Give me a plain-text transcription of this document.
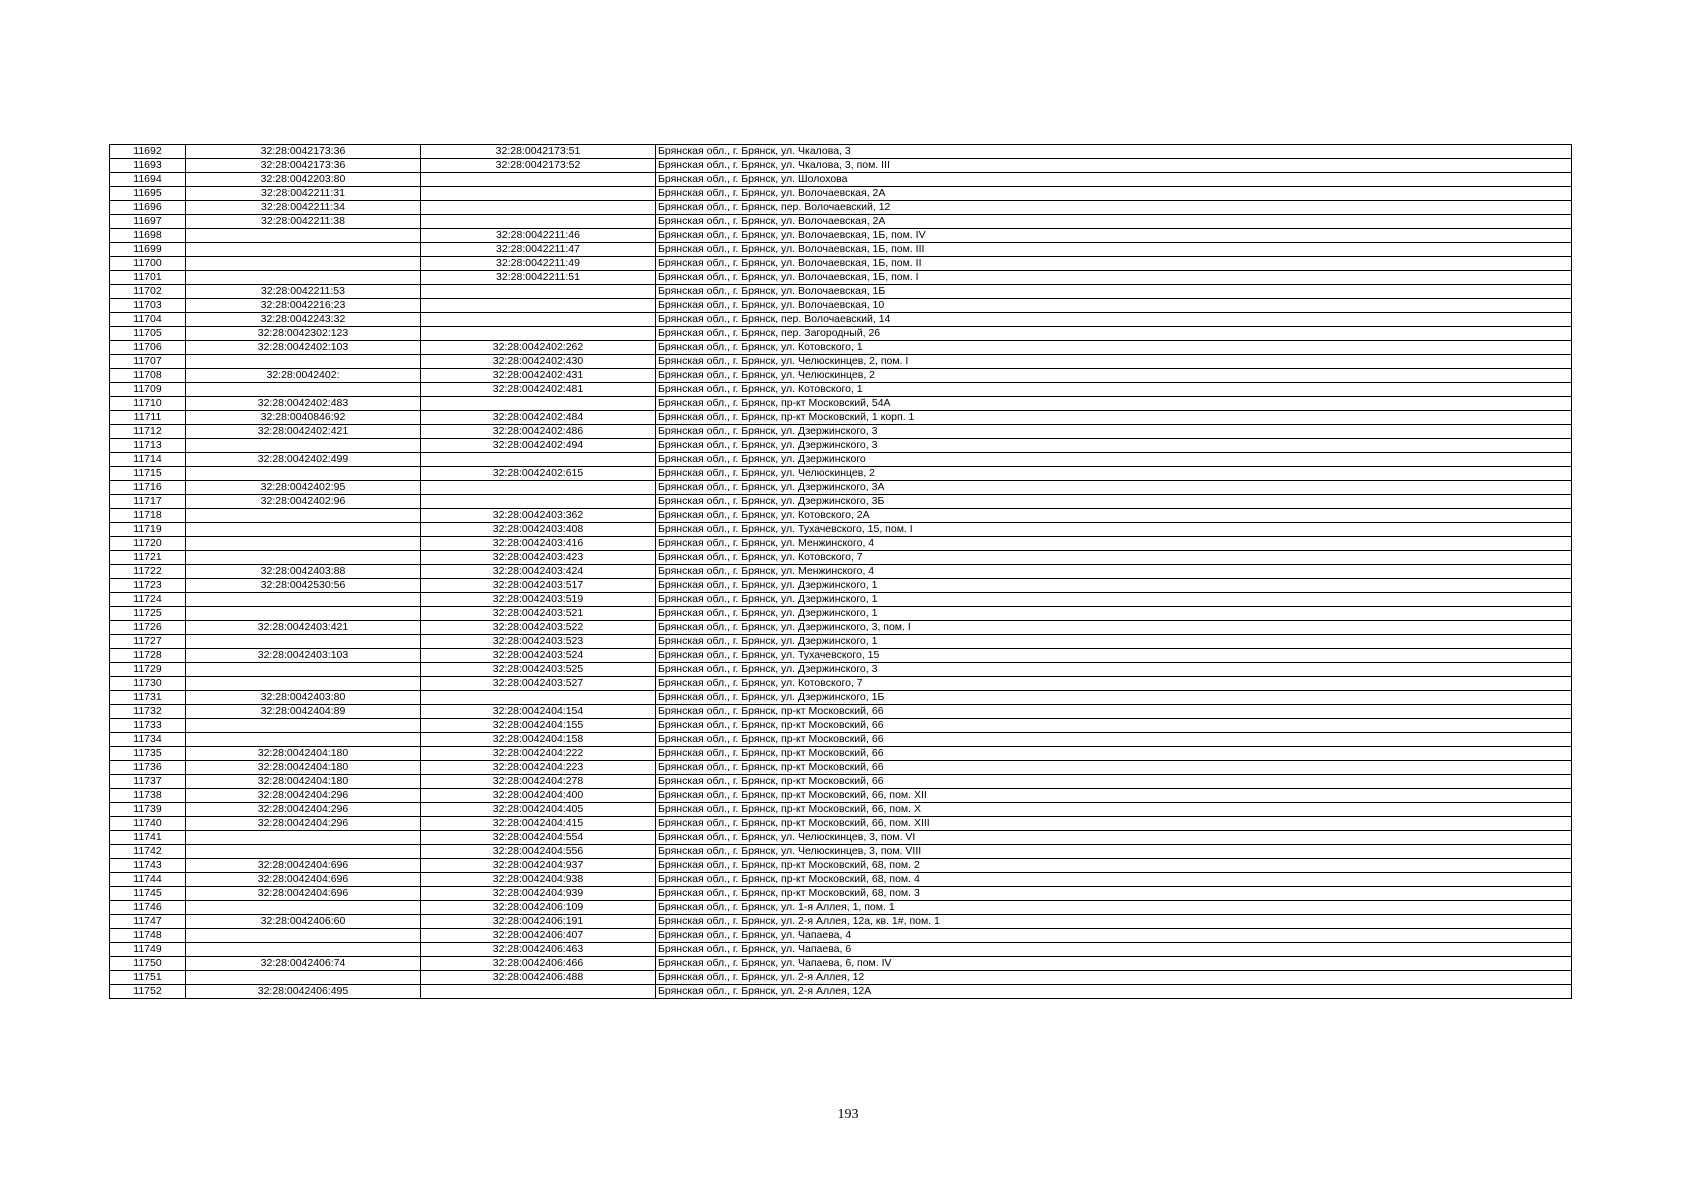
11692	32:28:0042173:36	32:28:0042173:51	Брянская обл., г. Брянск, ул. Чкалова, 3
11693	32:28:0042173:36	32:28:0042173:52	Брянская обл., г. Брянск, ул. Чкалова, 3, пом. III
11694	32:28:0042203:80		Брянская обл., г. Брянск, ул. Шолохова
11695	32:28:0042211:31		Брянская обл., г. Брянск, ул. Волочаевская, 2А
11696	32:28:0042211:34		Брянская обл., г. Брянск, пер. Волочаевский, 12
11697	32:28:0042211:38		Брянская обл., г. Брянск, ул. Волочаевская, 2А
11698		32:28:0042211:46	Брянская обл., г. Брянск, ул. Волочаевская, 1Б, пом. IV
11699		32:28:0042211:47	Брянская обл., г. Брянск, ул. Волочаевская, 1Б, пом. III
11700		32:28:0042211:49	Брянская обл., г. Брянск, ул. Волочаевская, 1Б, пом. II
11701		32:28:0042211:51	Брянская обл., г. Брянск, ул. Волочаевская, 1Б, пом. I
11702	32:28:0042211:53		Брянская обл., г. Брянск, ул. Волочаевская, 1Б
11703	32:28:0042216:23		Брянская обл., г. Брянск, ул. Волочаевская, 10
11704	32:28:0042243:32		Брянская обл., г. Брянск, пер. Волочаевский, 14
11705	32:28:0042302:123		Брянская обл., г. Брянск, пер. Загородный, 26
11706	32:28:0042402:103	32:28:0042402:262	Брянская обл., г. Брянск, ул. Котовского, 1
11707		32:28:0042402:430	Брянская обл., г. Брянск, ул. Челюскинцев, 2, пом. I
11708	32:28:0042402:	32:28:0042402:431	Брянская обл., г. Брянск, ул. Челюскинцев, 2
11709		32:28:0042402:481	Брянская обл., г. Брянск, ул. Котовского, 1
11710	32:28:0042402:483		Брянская обл., г. Брянск, пр-кт Московский, 54А
11711	32:28:0040846:92	32:28:0042402:484	Брянская обл., г. Брянск, пр-кт Московский, 1 корп. 1
11712	32:28:0042402:421	32:28:0042402:486	Брянская обл., г. Брянск, ул. Дзержинского, 3
11713		32:28:0042402:494	Брянская обл., г. Брянск, ул. Дзержинского, 3
11714	32:28:0042402:499		Брянская обл., г. Брянск, ул. Дзержинского
11715		32:28:0042402:615	Брянская обл., г. Брянск, ул. Челюскинцев, 2
11716	32:28:0042402:95		Брянская обл., г. Брянск, ул. Дзержинского, 3А
11717	32:28:0042402:96		Брянская обл., г. Брянск, ул. Дзержинского, 3Б
11718		32:28:0042403:362	Брянская обл., г. Брянск, ул. Котовского, 2А
11719		32:28:0042403:408	Брянская обл., г. Брянск, ул. Тухачевского, 15, пом. I
11720		32:28:0042403:416	Брянская обл., г. Брянск, ул. Менжинского, 4
11721		32:28:0042403:423	Брянская обл., г. Брянск, ул. Котовского, 7
11722	32:28:0042403:88	32:28:0042403:424	Брянская обл., г. Брянск, ул. Менжинского, 4
11723	32:28:0042530:56	32:28:0042403:517	Брянская обл., г. Брянск, ул. Дзержинского, 1
11724		32:28:0042403:519	Брянская обл., г. Брянск, ул. Дзержинского, 1
11725		32:28:0042403:521	Брянская обл., г. Брянск, ул. Дзержинского, 1
11726	32:28:0042403:421	32:28:0042403:522	Брянская обл., г. Брянск, ул. Дзержинского, 3, пом. I
11727		32:28:0042403:523	Брянская обл., г. Брянск, ул. Дзержинского, 1
11728	32:28:0042403:103	32:28:0042403:524	Брянская обл., г. Брянск, ул. Тухачевского, 15
11729		32:28:0042403:525	Брянская обл., г. Брянск, ул. Дзержинского, 3
11730		32:28:0042403:527	Брянская обл., г. Брянск, ул. Котовского, 7
11731	32:28:0042403:80		Брянская обл., г. Брянск, ул. Дзержинского, 1Б
11732	32:28:0042404:89	32:28:0042404:154	Брянская обл., г. Брянск, пр-кт Московский, 66
11733		32:28:0042404:155	Брянская обл., г. Брянск, пр-кт Московский, 66
11734		32:28:0042404:158	Брянская обл., г. Брянск, пр-кт Московский, 66
11735	32:28:0042404:180	32:28:0042404:222	Брянская обл., г. Брянск, пр-кт Московский, 66
11736	32:28:0042404:180	32:28:0042404:223	Брянская обл., г. Брянск, пр-кт Московский, 66
11737	32:28:0042404:180	32:28:0042404:278	Брянская обл., г. Брянск, пр-кт Московский, 66
11738	32:28:0042404:296	32:28:0042404:400	Брянская обл., г. Брянск, пр-кт Московский, 66, пом. XII
11739	32:28:0042404:296	32:28:0042404:405	Брянская обл., г. Брянск, пр-кт Московский, 66, пом. X
11740	32:28:0042404:296	32:28:0042404:415	Брянская обл., г. Брянск, пр-кт Московский, 66, пом. XIII
11741		32:28:0042404:554	Брянская обл., г. Брянск, ул. Челюскинцев, 3, пом. VI
11742		32:28:0042404:556	Брянская обл., г. Брянск, ул. Челюскинцев, 3, пом. VIII
11743	32:28:0042404:696	32:28:0042404:937	Брянская обл., г. Брянск, пр-кт Московский, 68, пом. 2
11744	32:28:0042404:696	32:28:0042404:938	Брянская обл., г. Брянск, пр-кт Московский, 68, пом. 4
11745	32:28:0042404:696	32:28:0042404:939	Брянская обл., г. Брянск, пр-кт Московский, 68, пом. 3
11746		32:28:0042406:109	Брянская обл., г. Брянск, ул. 1-я Аллея, 1, пом. 1
11747	32:28:0042406:60	32:28:0042406:191	Брянская обл., г. Брянск, ул. 2-я Аллея, 12а, кв. 1#, пом. 1
11748		32:28:0042406:407	Брянская обл., г. Брянск, ул. Чапаева, 4
11749		32:28:0042406:463	Брянская обл., г. Брянск, ул. Чапаева, 6
11750	32:28:0042406:74	32:28:0042406:466	Брянская обл., г. Брянск, ул. Чапаева, 6, пом. IV
11751		32:28:0042406:488	Брянская обл., г. Брянск, ул. 2-я Аллея, 12
11752	32:28:0042406:495		Брянская обл., г. Брянск, ул. 2-я Аллея, 12А
193
